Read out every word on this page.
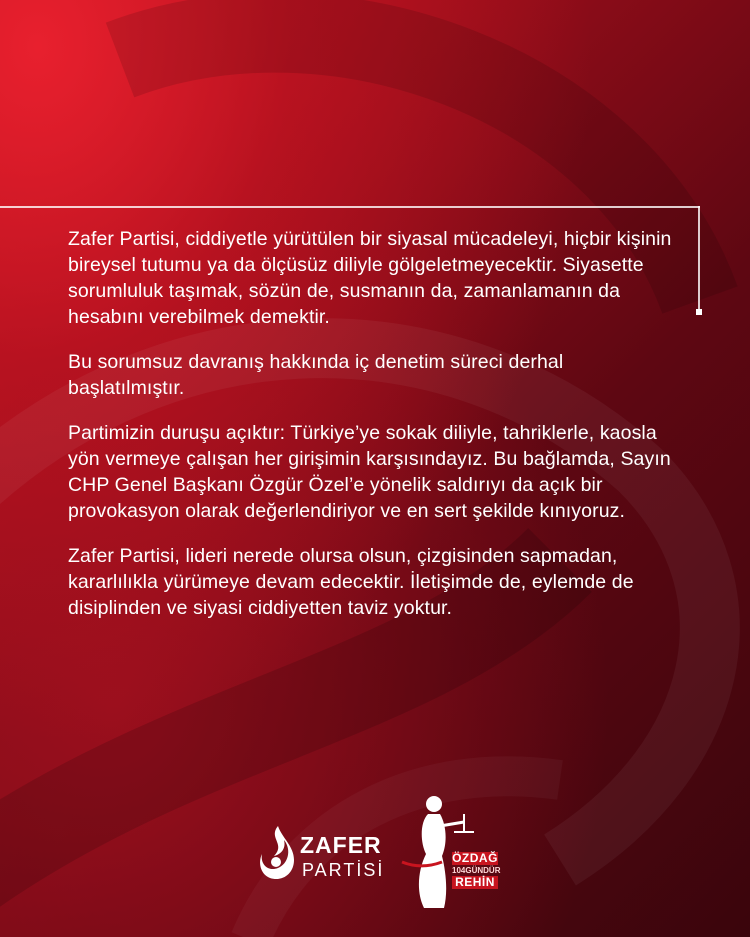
Zafer Partisi, ciddiyetle yürütülen bir siyasal mücadeleyi, hiçbir kişinin bireysel tutumu ya da ölçüsüz diliyle gölgeletmeyecektir. Siyasette sorumluluk taşımak, sözün de, susmanın da, zamanlamanın da hesabını verebilmek demektir.

Bu sorumsuz davranış hakkında iç denetim süreci derhal başlatılmıştır.

Partimizin duruşu açıktır: Türkiye’ye sokak diliyle, tahriklerle, kaosla yön vermeye çalışan her girişimin karşısındayız. Bu bağlamda, Sayın CHP Genel Başkanı Özgür Özel’e yönelik saldırıyı da açık bir provokasyon olarak değerlendiriyor ve en sert şekilde kınıyoruz.

Zafer Partisi, lideri nerede olursa olsun, çizgisinden sapmadan, kararlılıkla yürümeye devam edecektir. İletişimde de, eylemde de disiplinden ve siyasi ciddiyetten taviz yoktur.

ZAFER
PARTİSİ
ÖZDAĞ
104GÜNDÜR
REHİN
